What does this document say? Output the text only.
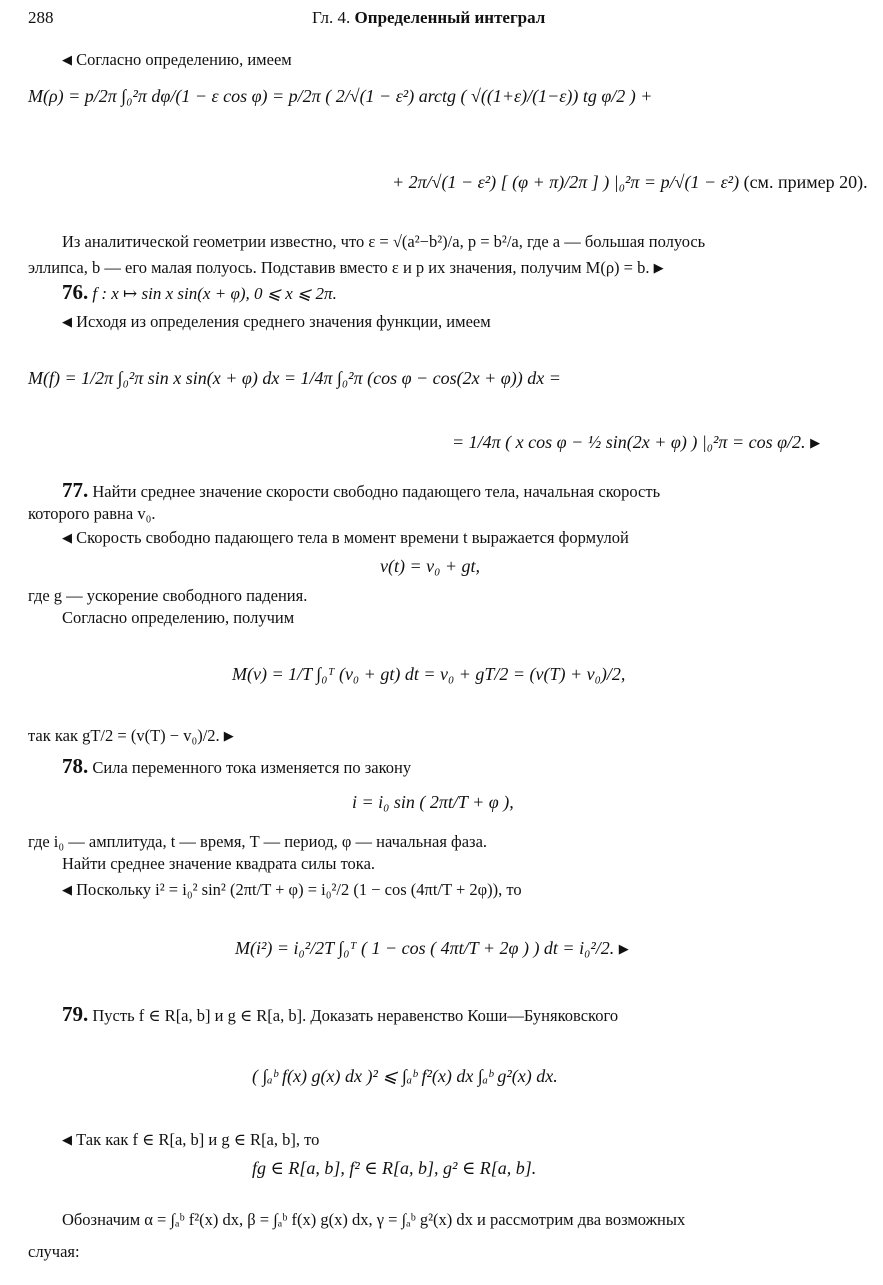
288	Гл. 4. Определенный интеграл
◀ Согласно определению, имеем
M(ρ) = p/2π ∫₀²π dφ/(1 − ε cos φ) = p/2π ( 2/√(1 − ε²) arctg ( √((1+ε)/(1−ε)) tg φ/2 ) +
+ 2π/√(1 − ε²) [ (φ + π)/2π ] ) |₀²π = p/√(1 − ε²) (см. пример 20).
Из аналитической геометрии известно, что ε = √(a²−b²)/a, p = b²/a, где a — большая полуось
эллипса, b — его малая полуось. Подставив вместо ε и p их значения, получим M(ρ) = b. ▶
76. f : x ↦ sin x sin(x + φ), 0 ⩽ x ⩽ 2π.
◀ Исходя из определения среднего значения функции, имеем
M(f) = 1/2π ∫₀²π sin x sin(x + φ) dx = 1/4π ∫₀²π (cos φ − cos(2x + φ)) dx =
= 1/4π ( x cos φ − ½ sin(2x + φ) ) |₀²π = cos φ/2. ▶
77. Найти среднее значение скорости свободно падающего тела, начальная скорость
которого равна v₀.
◀ Скорость свободно падающего тела в момент времени t выражается формулой
v(t) = v₀ + gt,
где g — ускорение свободного падения.
Согласно определению, получим
M(v) = 1/T ∫₀ᵀ (v₀ + gt) dt = v₀ + gT/2 = (v(T) + v₀)/2,
так как gT/2 = (v(T) − v₀)/2. ▶
78. Сила переменного тока изменяется по закону
i = i₀ sin ( 2πt/T + φ ),
где i₀ — амплитуда, t — время, T — период, φ — начальная фаза.
Найти среднее значение квадрата силы тока.
◀ Поскольку i² = i₀² sin² (2πt/T + φ) = i₀²/2 (1 − cos (4πt/T + 2φ)), то
M(i²) = i₀²/2T ∫₀ᵀ ( 1 − cos ( 4πt/T + 2φ ) ) dt = i₀²/2. ▶
79. Пусть f ∈ R[a, b] и g ∈ R[a, b]. Доказать неравенство Коши—Буняковского
( ∫ₐᵇ f(x) g(x) dx )² ⩽ ∫ₐᵇ f²(x) dx ∫ₐᵇ g²(x) dx.
◀ Так как f ∈ R[a, b] и g ∈ R[a, b], то
fg ∈ R[a, b], f² ∈ R[a, b], g² ∈ R[a, b].
Обозначим α = ∫ₐᵇ f²(x) dx, β = ∫ₐᵇ f(x) g(x) dx, γ = ∫ₐᵇ g²(x) dx и рассмотрим два возможных
случая:
